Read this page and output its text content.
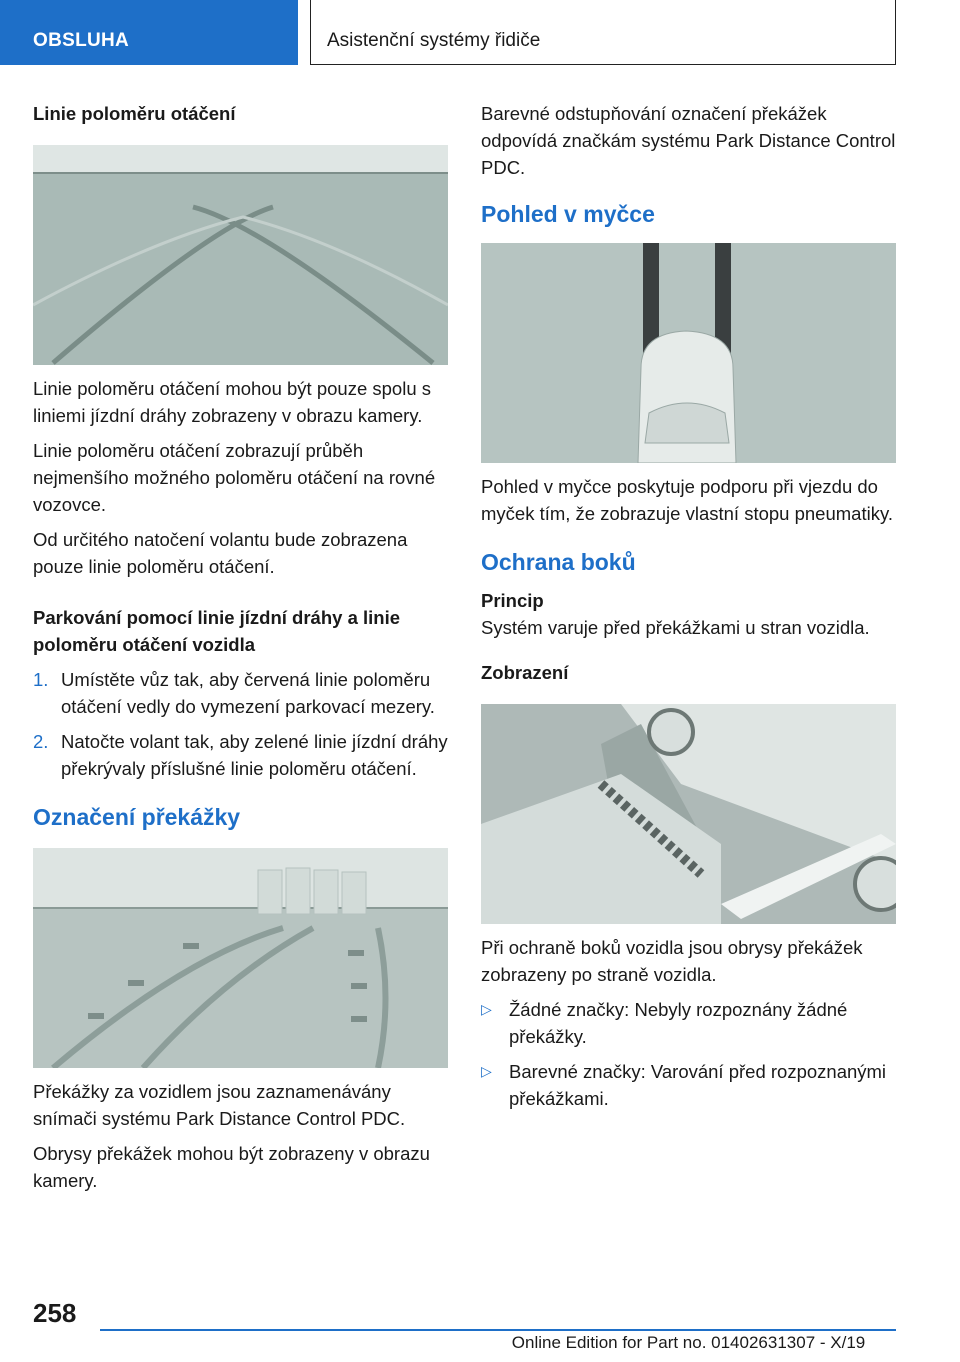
OBSLUHA	Asistenční systémy řidiče
Linie poloměru otáčení

Linie poloměru otáčení mohou být pouze spolu s liniemi jízdní dráhy zobrazeny v obrazu kamery.

Linie poloměru otáčení zobrazují průběh nejmenšího možného poloměru otáčení na rovné vozovce.

Od určitého natočení volantu bude zobrazena pouze linie poloměru otáčení.

Parkování pomocí linie jízdní dráhy a linie poloměru otáčení vozidla
1. Umístěte vůz tak, aby červená linie poloměru otáčení vedly do vymezení parkovací mezery.
2. Natočte volant tak, aby zelené linie jízdní dráhy překrývaly příslušné linie poloměru otáčení.
Označení překážky

Překážky za vozidlem jsou zaznamenávány snímači systému Park Distance Control PDC.

Obrysy překážek mohou být zobrazeny v obrazu kamery.

Barevné odstupňování označení překážek odpovídá značkám systému Park Distance Control PDC.

Pohled v myčce

Pohled v myčce poskytuje podporu při vjezdu do myček tím, že zobrazuje vlastní stopu pneumatiky.

Ochrana boků
Princip

Systém varuje před překážkami u stran vozidla.

Zobrazení

Při ochraně boků vozidla jsou obrysy překážek zobrazeny po straně vozidla.

▷ Žádné značky: Nebyly rozpoznány žádné překážky.
▷ Barevné značky: Varování před rozpoznanými překážkami.
258
Online Edition for Part no. 01402631307 - X/19
